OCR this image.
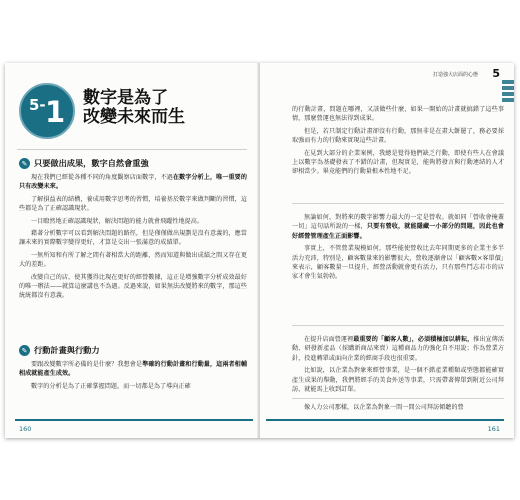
5- 1 數字是為了
改變未來而生
✎ 只要做出成果，數字自然會重強

現在我們已經從各種不同的角度觀察店面數字，不過在數字分析上，唯一重要的只有改變未來。

了解損益表的結構，養成用數字思考的習慣，培養基於數字來做判斷的習慣，這些都是為了正確認識現狀。

一目瞭然地正確認識現狀，解決問題的能力就會飛躍性地提高。

藉著分析數字可以看到解決問題的路徑，但是僅僅做出規劃是沒有意義的，應當讓未來的實際數字變得更好，才算是交出一張滿意的成績單。

一無所知和有所了解之間有著相當大的距離，然而知道與做出成績之間又存在更大的差距。

改變自己的店，使其獲得比現在更好的經營數據，這正是增強數字分析成效最好的唯一辦法——就算這麼講也不為過。反過來說，如果無法改變將來的數字，那這些統統都沒有意義。

✎ 行動計畫與行動力

要跟改變數字所必備的是什麼？我想會是準確的行動計畫和行動量，這兩者相輔相成就能產生成效。

數字的分析是為了正確掌握問題，而一切都是為了導向正確

160
打造強大店面的心態 5

的行動計畫，問題在哪裡，又該做些什麼，如果一開始的計畫就搞錯了這些事情，那麼營運也無法得到成果。

但是，若只制定行動計畫卻沒有行動，那無非是在畫大餅罷了，務必要採取強而有力的行動來實現這些計畫。

在見到大部分的企業案例，我總是覺得他們缺乏行動，即使有些人在會議上以數字為基礎發表了不錯的計畫，但現實是，能夠將發言與行動連結的人才卻相當少。畢竟能們的行動量根本性地不足。

無論如何，對將來的數字影響力最大的一定是營收。就如同「營收會掩蓋一切」這句話所說的一樣，只要有營收，就能隱藏一小部分的問題，因此也會好經營管理產生正面影響。

事實上，不管營業規模如何，那些能使營收比去年同期更多的企業主多半活力充沛，特別是，顧客數量來的影響很大，營收逐漸會以「顧客數×客單價」來表示，顧客數量一旦提升，經營活動就會更有活力，只有那些鬥志若市的店家才會生氣勃勃。

在提升店面營運裡最重要的「顧客人數」，必須積極加以耕耘，推出宣傳活動、研發新產品（採購新商品來賣）這種商品力的強化自不用說；作為營業方針，投進轉單或面向企業的經商手段也很重要。

比如說，以企業為對象來經營事業，是一個不錯產業種類或型態都能確實產生成果的舉動，我們將經手的美食外送等事業，只需帶著傳單到附近公司拜訪，就能馬上收到訂單。

像人力公司那樣，以企業為對象一間一間公司拜訪傾聽的營

161
